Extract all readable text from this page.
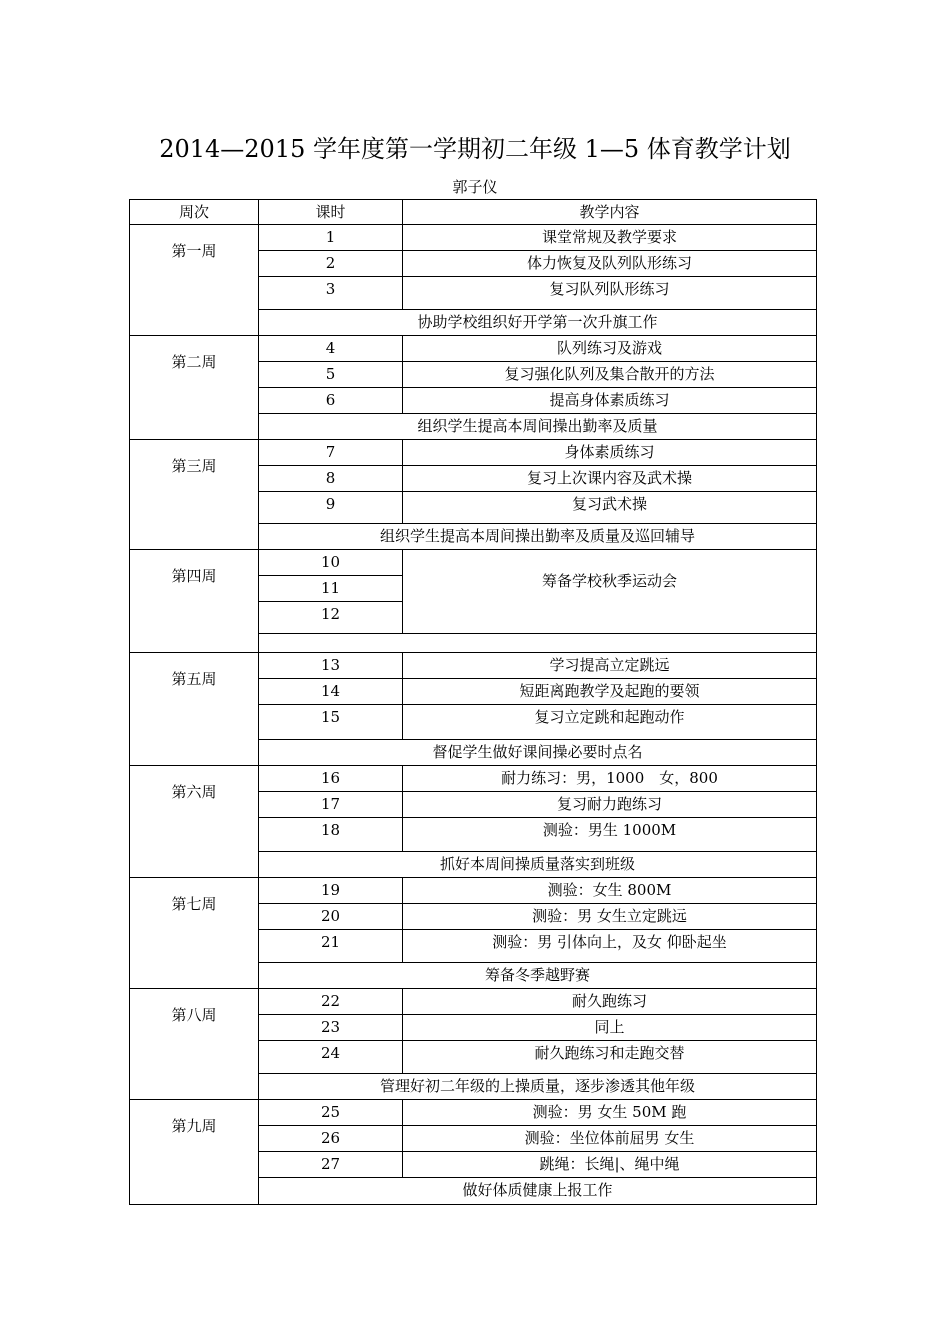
2014—2015 学年度第一学期初二年级 1—5 体育教学计划
郭子仪
周次	课时	教学内容
第一周	1	课堂常规及教学要求
	2	体力恢复及队列队形练习
	3	复习队列队形练习
	协助学校组织好开学第一次升旗工作	
第二周	4	队列练习及游戏
	5	复习强化队列及集合散开的方法
	6	提高身体素质练习
	组织学生提高本周间操出勤率及质量	
第三周	7	身体素质练习
	8	复习上次课内容及武术操
	9	复习武术操
	组织学生提高本周间操出勤率及质量及巡回辅导	
第四周	10	筹备学校秋季运动会
	11	
	12	

第五周	13	学习提高立定跳远
	14	短距离跑教学及起跑的要领
	15	复习立定跳和起跑动作
	督促学生做好课间操必要时点名	
第六周	16	耐力练习：男，1000　女，800
	17	复习耐力跑练习
	18	测验：男生 1000M
	抓好本周间操质量落实到班级	
第七周	19	测验：女生 800M
	20	测验：男 女生立定跳远
	21	测验：男 引体向上，及女 仰卧起坐
	筹备冬季越野赛	
第八周	22	耐久跑练习
	23	同上
	24	耐久跑练习和走跑交替
	管理好初二年级的上操质量，逐步渗透其他年级	
第九周	25	测验：男 女生 50M 跑
	26	测验：坐位体前屈男 女生
	27	跳绳：长绳|、绳中绳
	做好体质健康上报工作	
